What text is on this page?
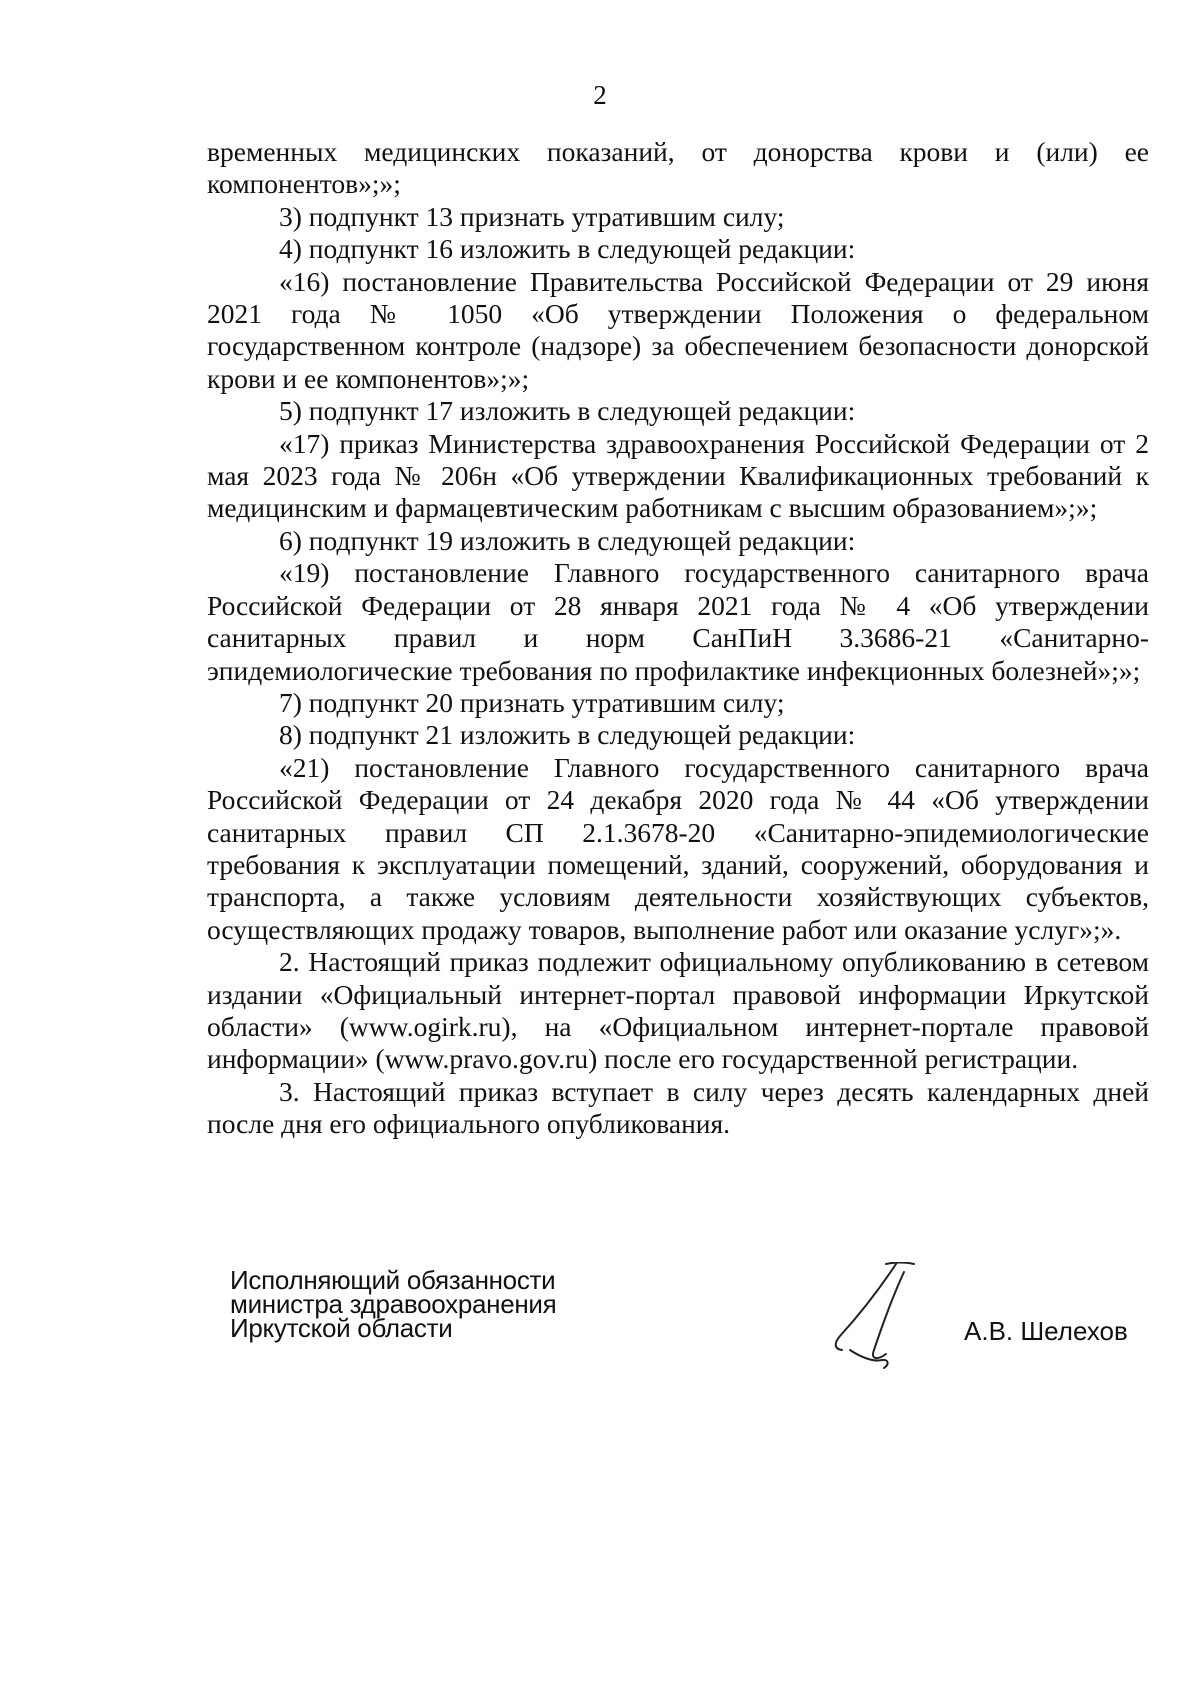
2

временных медицинских показаний, от донорства крови и (или) ее компонентов»;»;

3) подпункт 13 признать утратившим силу;

4) подпункт 16 изложить в следующей редакции:

«16) постановление Правительства Российской Федерации от 29 июня 2021 года № 1050 «Об утверждении Положения о федеральном государственном контроле (надзоре) за обеспечением безопасности донорской крови и ее компонентов»;»;

5) подпункт 17 изложить в следующей редакции:

«17) приказ Министерства здравоохранения Российской Федерации от 2 мая 2023 года № 206н «Об утверждении Квалификационных требований к медицинским и фармацевтическим работникам с высшим образованием»;»;

6) подпункт 19 изложить в следующей редакции:

«19) постановление Главного государственного санитарного врача Российской Федерации от 28 января 2021 года № 4 «Об утверждении санитарных правил и норм СанПиН 3.3686-21 «Санитарно-эпидемиологические требования по профилактике инфекционных болезней»;»;

7) подпункт 20 признать утратившим силу;

8) подпункт 21 изложить в следующей редакции:

«21) постановление Главного государственного санитарного врача Российской Федерации от 24 декабря 2020 года № 44 «Об утверждении санитарных правил СП 2.1.3678-20 «Санитарно-эпидемиологические требования к эксплуатации помещений, зданий, сооружений, оборудования и транспорта, а также условиям деятельности хозяйствующих субъектов, осуществляющих продажу товаров, выполнение работ или оказание услуг»;».

2. Настоящий приказ подлежит официальному опубликованию в сетевом издании «Официальный интернет-портал правовой информации Иркутской области» (www.ogirk.ru), на «Официальном интернет-портале правовой информации» (www.pravo.gov.ru) после его государственной регистрации.

3. Настоящий приказ вступает в силу через десять календарных дней после дня его официального опубликования.

Исполняющий обязанности
министра здравоохранения
Иркутской области	А.В. Шелехов
